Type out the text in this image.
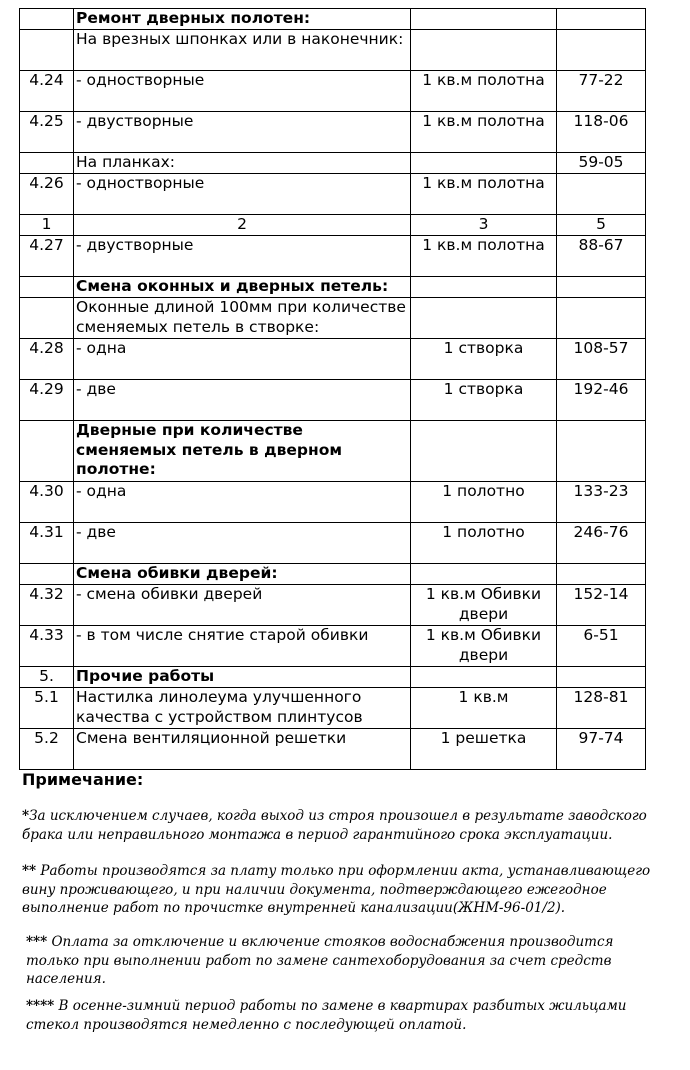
	Ремонт дверных полотен:		
	На врезных шпонках или в наконечник:		
4.24	- одностворные	1 кв.м полотна	77-22
4.25	- двустворные	1 кв.м полотна	118-06
	На планках:		59-05
4.26	- одностворные	1 кв.м полотна	
1	2	3	5
4.27	- двустворные	1 кв.м полотна	88-67
	Смена оконных и дверных петель:		
	Оконные длиной 100мм при количестве сменяемых петель в створке:		
4.28	- одна	1 створка	108-57
4.29	- две	1 створка	192-46
	Дверные при количестве сменяемых петель в дверном полотне:		
4.30	- одна	1 полотно	133-23
4.31	- две	1 полотно	246-76
	Смена обивки дверей:		
4.32	- смена обивки дверей	1 кв.м Обивки двери	152-14
4.33	- в том числе снятие старой обивки	1 кв.м Обивки двери	6-51
5.	Прочие работы		
5.1	Настилка линолеума улучшенного качества с устройством плинтусов	1 кв.м	128-81
5.2	Смена вентиляционной решетки	1 решетка	97-74
Примечание:
*За исключением случаев, когда выход из строя произошел в результате заводского брака или неправильного монтажа в период гарантийного срока эксплуатации.
** Работы производятся за плату только при оформлении акта, устанавливающего вину проживающего, и при наличии документа, подтверждающего ежегодное выполнение работ по прочистке внутренней канализации(ЖНМ-96-01/2).
*** Оплата за отключение и включение стояков водоснабжения производится только при выполнении работ по замене сантехоборудования за счет средств населения.
**** В осенне-зимний период работы по замене в квартирах разбитых жильцами стекол производятся немедленно с последующей оплатой.
